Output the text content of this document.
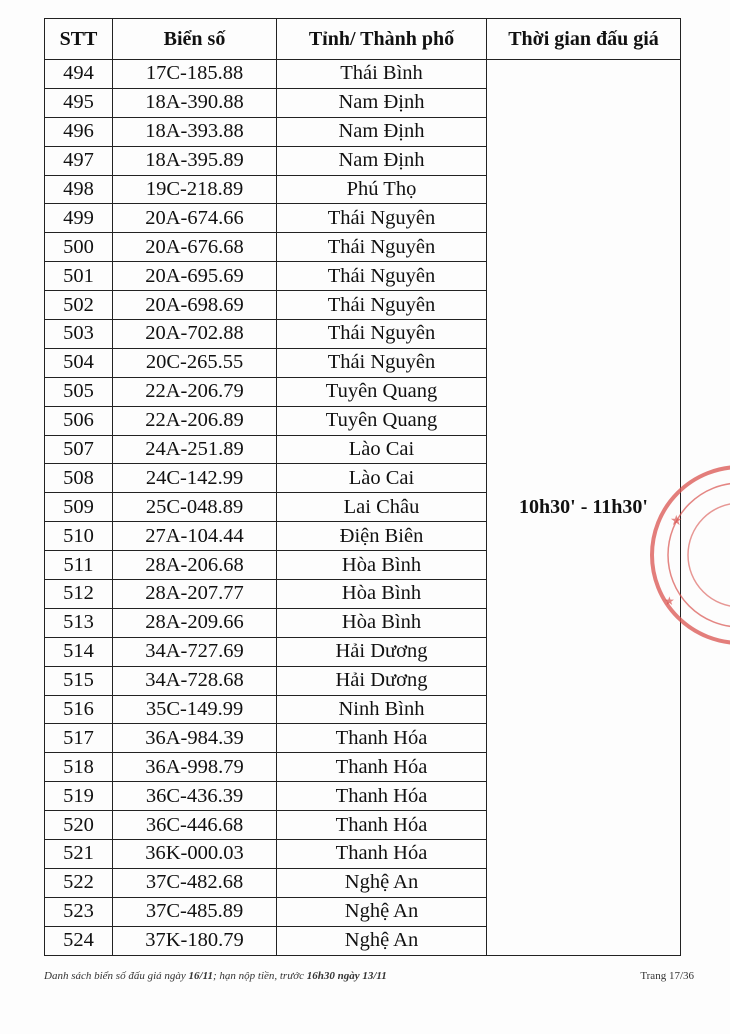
STT	Biển số	Tỉnh/ Thành phố	Thời gian đấu giá
494	17C-185.88	Thái Bình	10h30' - 11h30'
495	18A-390.88	Nam Định	
496	18A-393.88	Nam Định	
497	18A-395.89	Nam Định	
498	19C-218.89	Phú Thọ	
499	20A-674.66	Thái Nguyên	
500	20A-676.68	Thái Nguyên	
501	20A-695.69	Thái Nguyên	
502	20A-698.69	Thái Nguyên	
503	20A-702.88	Thái Nguyên	
504	20C-265.55	Thái Nguyên	
505	22A-206.79	Tuyên Quang	
506	22A-206.89	Tuyên Quang	
507	24A-251.89	Lào Cai	
508	24C-142.99	Lào Cai	
509	25C-048.89	Lai Châu	
510	27A-104.44	Điện Biên	
511	28A-206.68	Hòa Bình	
512	28A-207.77	Hòa Bình	
513	28A-209.66	Hòa Bình	
514	34A-727.69	Hải Dương	
515	34A-728.68	Hải Dương	
516	35C-149.99	Ninh Bình	
517	36A-984.39	Thanh Hóa	
518	36A-998.79	Thanh Hóa	
519	36C-436.39	Thanh Hóa	
520	36C-446.68	Thanh Hóa	
521	36K-000.03	Thanh Hóa	
522	37C-482.68	Nghệ An	
523	37C-485.89	Nghệ An	
524	37K-180.79	Nghệ An	
Danh sách biển số đấu giá ngày 16/11; hạn nộp tiền, trước 16h30 ngày 13/11	Trang 17/36
★
★
